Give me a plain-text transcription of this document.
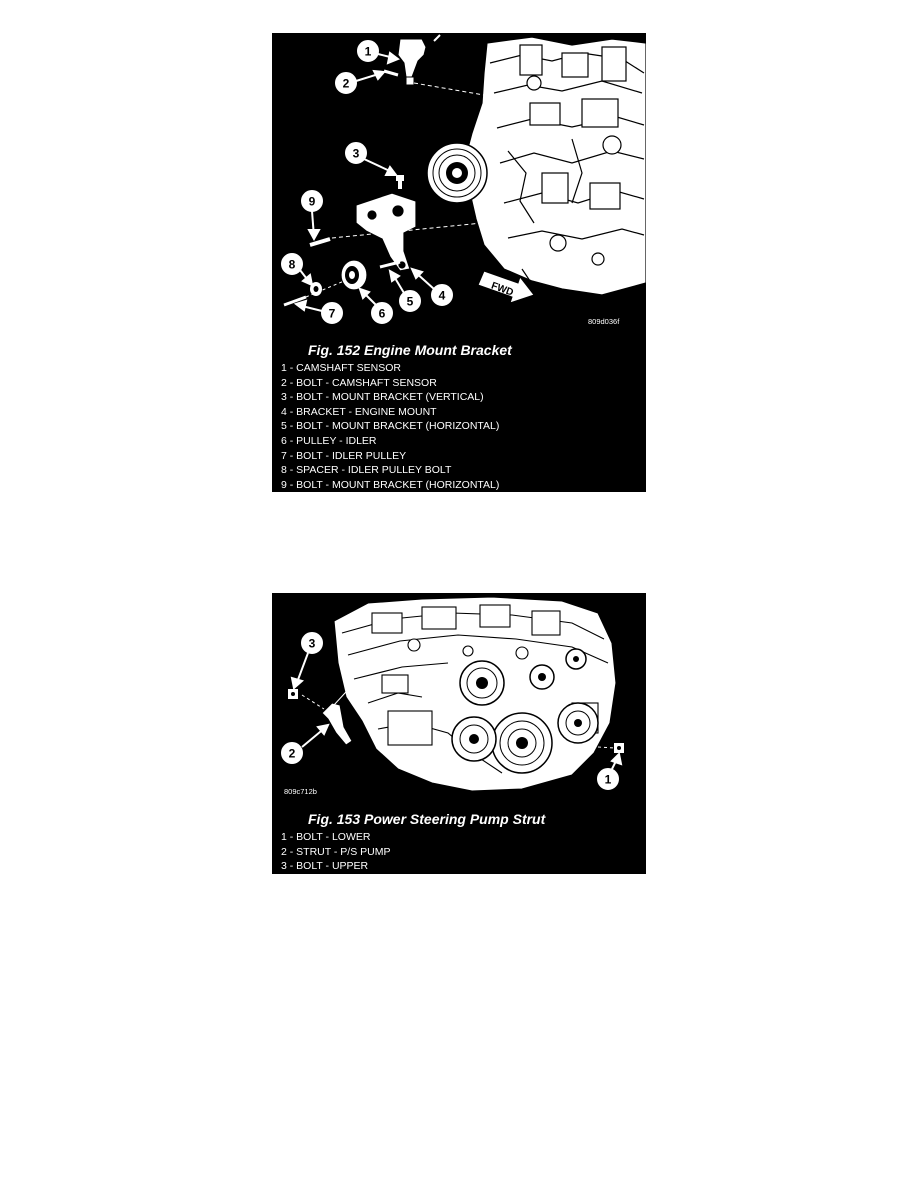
FWD
1
2
3
9
8
7	6
5 4
809d036f
Fig. 152 Engine Mount Bracket
1 - CAMSHAFT SENSOR
2 - BOLT - CAMSHAFT SENSOR
3 - BOLT - MOUNT BRACKET (VERTICAL)
4 - BRACKET - ENGINE MOUNT
5 - BOLT - MOUNT BRACKET (HORIZONTAL)
6 - PULLEY - IDLER
7 - BOLT - IDLER PULLEY
8 - SPACER - IDLER PULLEY BOLT
9 - BOLT - MOUNT BRACKET (HORIZONTAL)
3
2
1
809c712b
Fig. 153 Power Steering Pump Strut
1 - BOLT - LOWER
2 - STRUT - P/S PUMP
3 - BOLT - UPPER
